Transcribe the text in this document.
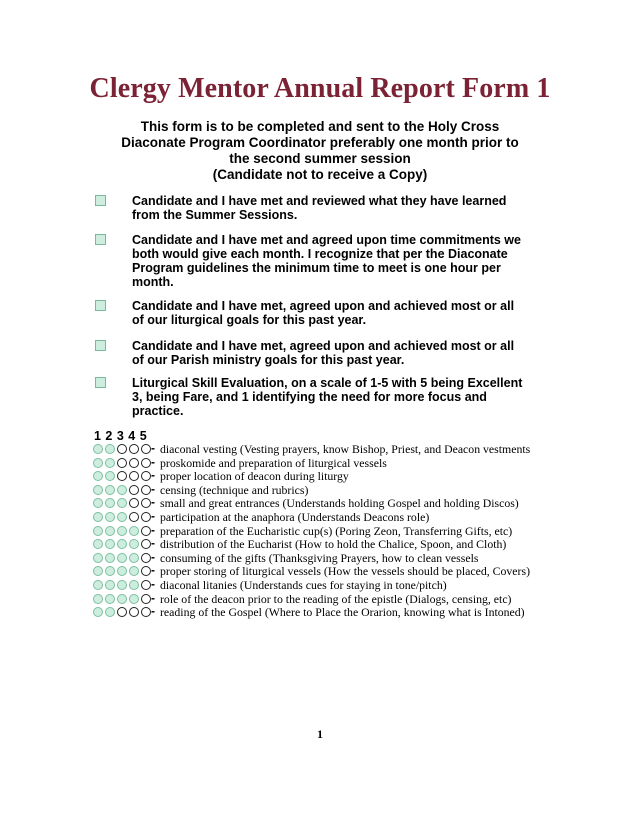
Clergy Mentor Annual Report Form 1
This form is to be completed and sent to the Holy Cross
Diaconate Program Coordinator preferably one month prior to
the second summer session
(Candidate not to receive a Copy)
Candidate and I have met and reviewed what they have learned
from the Summer Sessions.
Candidate and I have met and agreed upon time commitments we
both would give each month. I recognize that per the Diaconate
Program guidelines the minimum time to meet is one hour per
month.
Candidate and I have met, agreed upon and achieved most or all
of our liturgical goals for this past year.
Candidate and I have met, agreed upon and achieved most or all
of our Parish ministry goals for this past year.
Liturgical Skill Evaluation, on a scale of 1-5 with 5 being Excellent
3, being Fare, and 1 identifying the need for more focus and
practice.
1 2 3 4 5
- diaconal vesting (Vesting prayers, know Bishop, Priest, and Deacon vestments
- proskomide and preparation of liturgical vessels
- proper location of deacon during liturgy
- censing (technique and rubrics)
- small and great entrances (Understands holding Gospel and holding Discos)
- participation at the anaphora (Understands Deacons role)
- preparation of the Eucharistic cup(s) (Poring Zeon, Transferring Gifts, etc)
- distribution of the Eucharist (How to hold the Chalice, Spoon, and Cloth)
- consuming of the gifts (Thanksgiving Prayers, how to clean vessels
- proper storing of liturgical vessels (How the vessels should be placed, Covers)
- diaconal litanies (Understands cues for staying in tone/pitch)
- role of the deacon prior to the reading of the epistle (Dialogs, censing, etc)
- reading of the Gospel (Where to Place the Orarion, knowing what is Intoned)
1
